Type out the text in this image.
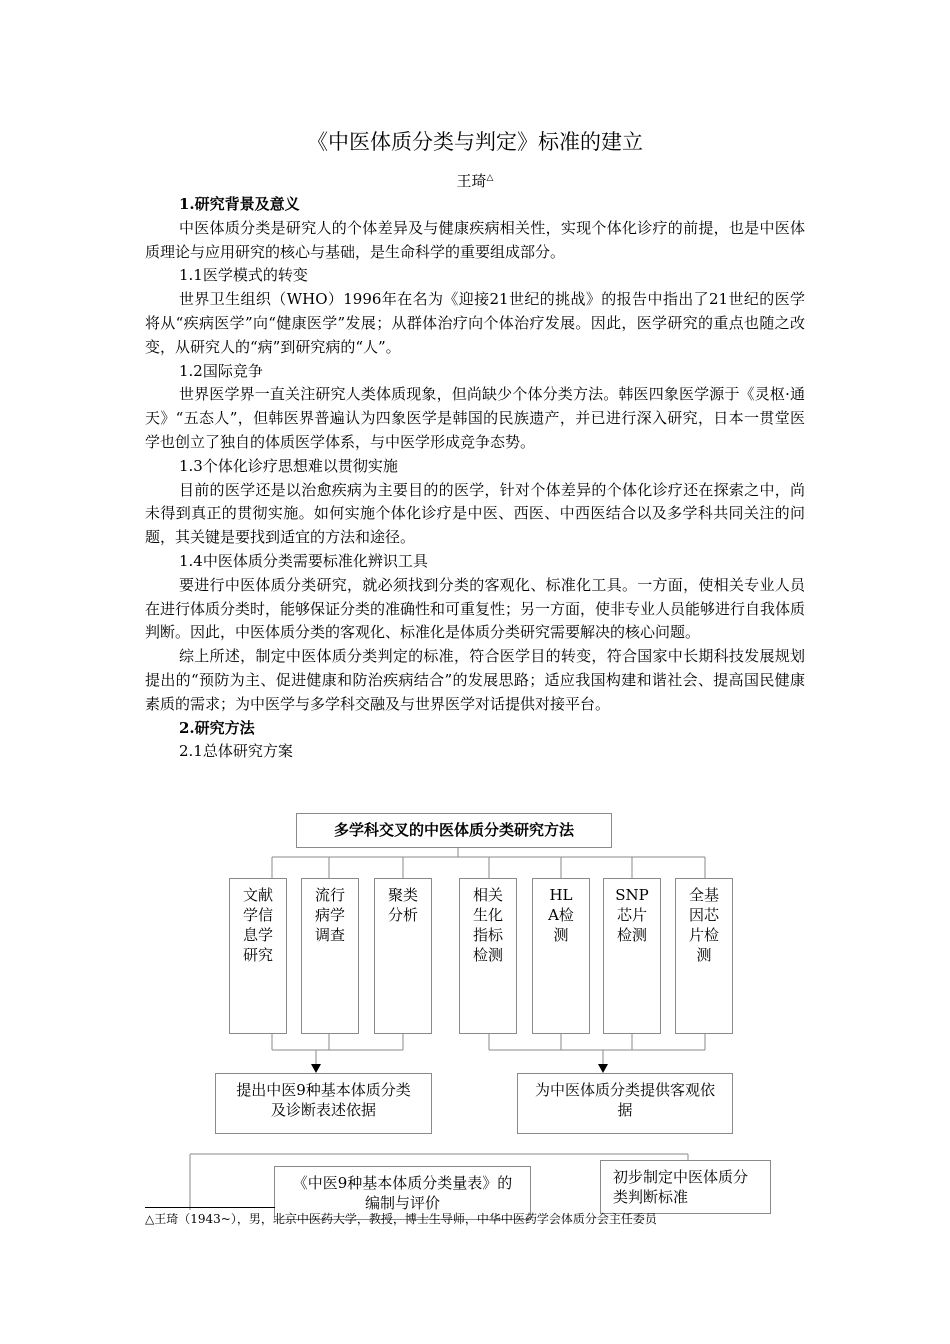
《中医体质分类与判定》标准的建立
王琦△
1.研究背景及意义
中医体质分类是研究人的个体差异及与健康疾病相关性，实现个体化诊疗的前提，也是中医体质理论与应用研究的核心与基础，是生命科学的重要组成部分。
1.1医学模式的转变
世界卫生组织（WHO）1996年在名为《迎接21世纪的挑战》的报告中指出了21世纪的医学将从“疾病医学”向“健康医学”发展；从群体治疗向个体治疗发展。因此，医学研究的重点也随之改变，从研究人的“病”到研究病的“人”。
1.2国际竞争
世界医学界一直关注研究人类体质现象，但尚缺少个体分类方法。韩医四象医学源于《灵枢·通天》“五态人”，但韩医界普遍认为四象医学是韩国的民族遗产，并已进行深入研究，日本一贯堂医学也创立了独自的体质医学体系，与中医学形成竞争态势。
1.3个体化诊疗思想难以贯彻实施
目前的医学还是以治愈疾病为主要目的的医学，针对个体差异的个体化诊疗还在探索之中，尚未得到真正的贯彻实施。如何实施个体化诊疗是中医、西医、中西医结合以及多学科共同关注的问题，其关键是要找到适宜的方法和途径。
1.4中医体质分类需要标准化辨识工具
要进行中医体质分类研究，就必须找到分类的客观化、标准化工具。一方面，使相关专业人员在进行体质分类时，能够保证分类的准确性和可重复性；另一方面，使非专业人员能够进行自我体质判断。因此，中医体质分类的客观化、标准化是体质分类研究需要解决的核心问题。
综上所述，制定中医体质分类判定的标准，符合医学目的转变，符合国家中长期科技发展规划提出的“预防为主、促进健康和防治疾病结合”的发展思路；适应我国构建和谐社会、提高国民健康素质的需求；为中医学与多学科交融及与世界医学对话提供对接平台。
2.研究方法
2.1总体研究方案
多学科交叉的中医体质分类研究方法
文献学信息学研究
流行病学调查
聚类分析
相关生化指标检测
HLA检测
SNP芯片检测
全基因芯片检测
提出中医9种基本体质分类及诊断表述依据
为中医体质分类提供客观依据
《中医9种基本体质分类量表》的编制与评价
初步制定中医体质分类判断标准
△王琦（1943~），男，北京中医药大学，教授，博士生导师，中华中医药学会体质分会主任委员
